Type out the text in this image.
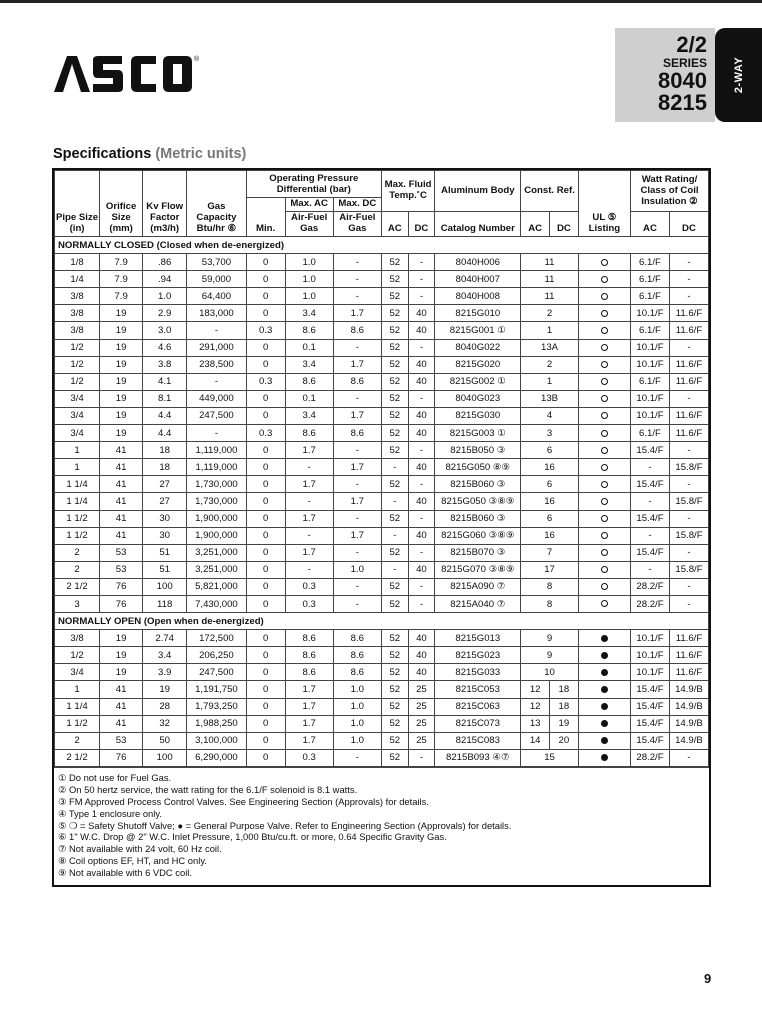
®
2/2
SERIES
8040
8215
2-WAY
Specifications (Metric units)
Pipe Size (in)	Orifice Size (mm)	Kv Flow Factor (m3/h)	Gas Capacity Btu/hr ⑥	Operating Pressure Differential (bar)			Max. Fluid Temp.˚C		Aluminum Body	Const. Ref.		UL ⑤ Listing	Watt Rating/ Class of Coil Insulation ②	
				Min.	Max. AC	Max. DC								
					Air-Fuel Gas	Air-Fuel Gas	AC	DC	Catalog Number	AC	DC		AC	DC
NORMALLY CLOSED (Closed when de-energized)														
1/8	7.9	.86	53,700	0	1.0	-	52	-	8040H006	11			6.1/F	-
1/4	7.9	.94	59,000	0	1.0	-	52	-	8040H007	11			6.1/F	-
3/8	7.9	1.0	64,400	0	1.0	-	52	-	8040H008	11			6.1/F	-
3/8	19	2.9	183,000	0	3.4	1.7	52	40	8215G010	2			10.1/F	11.6/F
3/8	19	3.0	-	0.3	8.6	8.6	52	40	8215G001 ①	1			6.1/F	11.6/F
1/2	19	4.6	291,000	0	0.1	-	52	-	8040G022	13A			10.1/F	-
1/2	19	3.8	238,500	0	3.4	1.7	52	40	8215G020	2			10.1/F	11.6/F
1/2	19	4.1	-	0.3	8.6	8.6	52	40	8215G002 ①	1			6.1/F	11.6/F
3/4	19	8.1	449,000	0	0.1	-	52	-	8040G023	13B			10.1/F	-
3/4	19	4.4	247,500	0	3.4	1.7	52	40	8215G030	4			10.1/F	11.6/F
3/4	19	4.4	-	0.3	8.6	8.6	52	40	8215G003 ①	3			6.1/F	11.6/F
1	41	18	1,119,000	0	1.7	-	52	-	8215B050 ③	6			15.4/F	-
1	41	18	1,119,000	0	-	1.7	-	40	8215G050 ⑧⑨	16			-	15.8/F
1 1/4	41	27	1,730,000	0	1.7	-	52	-	8215B060 ③	6			15.4/F	-
1 1/4	41	27	1,730,000	0	-	1.7	-	40	8215G050 ③⑧⑨	16			-	15.8/F
1 1/2	41	30	1,900,000	0	1.7	-	52	-	8215B060 ③	6			15.4/F	-
1 1/2	41	30	1,900,000	0	-	1.7	-	40	8215G060 ③⑧⑨	16			-	15.8/F
2	53	51	3,251,000	0	1.7	-	52	-	8215B070 ③	7			15.4/F	-
2	53	51	3,251,000	0	-	1.0	-	40	8215G070 ③⑧⑨	17			-	15.8/F
2 1/2	76	100	5,821,000	0	0.3	-	52	-	8215A090 ⑦	8			28.2/F	-
3	76	118	7,430,000	0	0.3	-	52	-	8215A040 ⑦	8			28.2/F	-
NORMALLY OPEN (Open when de-energized)														
3/8	19	2.74	172,500	0	8.6	8.6	52	40	8215G013	9			10.1/F	11.6/F
1/2	19	3.4	206,250	0	8.6	8.6	52	40	8215G023	9			10.1/F	11.6/F
3/4	19	3.9	247,500	0	8.6	8.6	52	40	8215G033	10			10.1/F	11.6/F
1	41	19	1,191,750	0	1.7	1.0	52	25	8215C053	12	18		15.4/F	14.9/B
1 1/4	41	28	1,793,250	0	1.7	1.0	52	25	8215C063	12	18		15.4/F	14.9/B
1 1/2	41	32	1,988,250	0	1.7	1.0	52	25	8215C073	13	19		15.4/F	14.9/B
2	53	50	3,100,000	0	1.7	1.0	52	25	8215C083	14	20		15.4/F	14.9/B
2 1/2	76	100	6,290,000	0	0.3	-	52	-	8215B093 ④⑦	15			28.2/F	-
① Do not use for Fuel Gas.
② On 50 hertz service, the watt rating for the 6.1/F solenoid is 8.1 watts.
③ FM Approved Process Control Valves. See Engineering Section (Approvals) for details.
④ Type 1 enclosure only.
⑤ ❍ = Safety Shutoff Valve; ● = General Purpose Valve. Refer to Engineering Section (Approvals) for details.
⑥ 1" W.C. Drop @ 2" W.C. Inlet Pressure, 1,000 Btu/cu.ft. or more, 0.64 Specific Gravity Gas.
⑦ Not available with 24 volt, 60 Hz coil.
⑧ Coil options EF, HT, and HC only.
⑨ Not available with 6 VDC coil.
9
